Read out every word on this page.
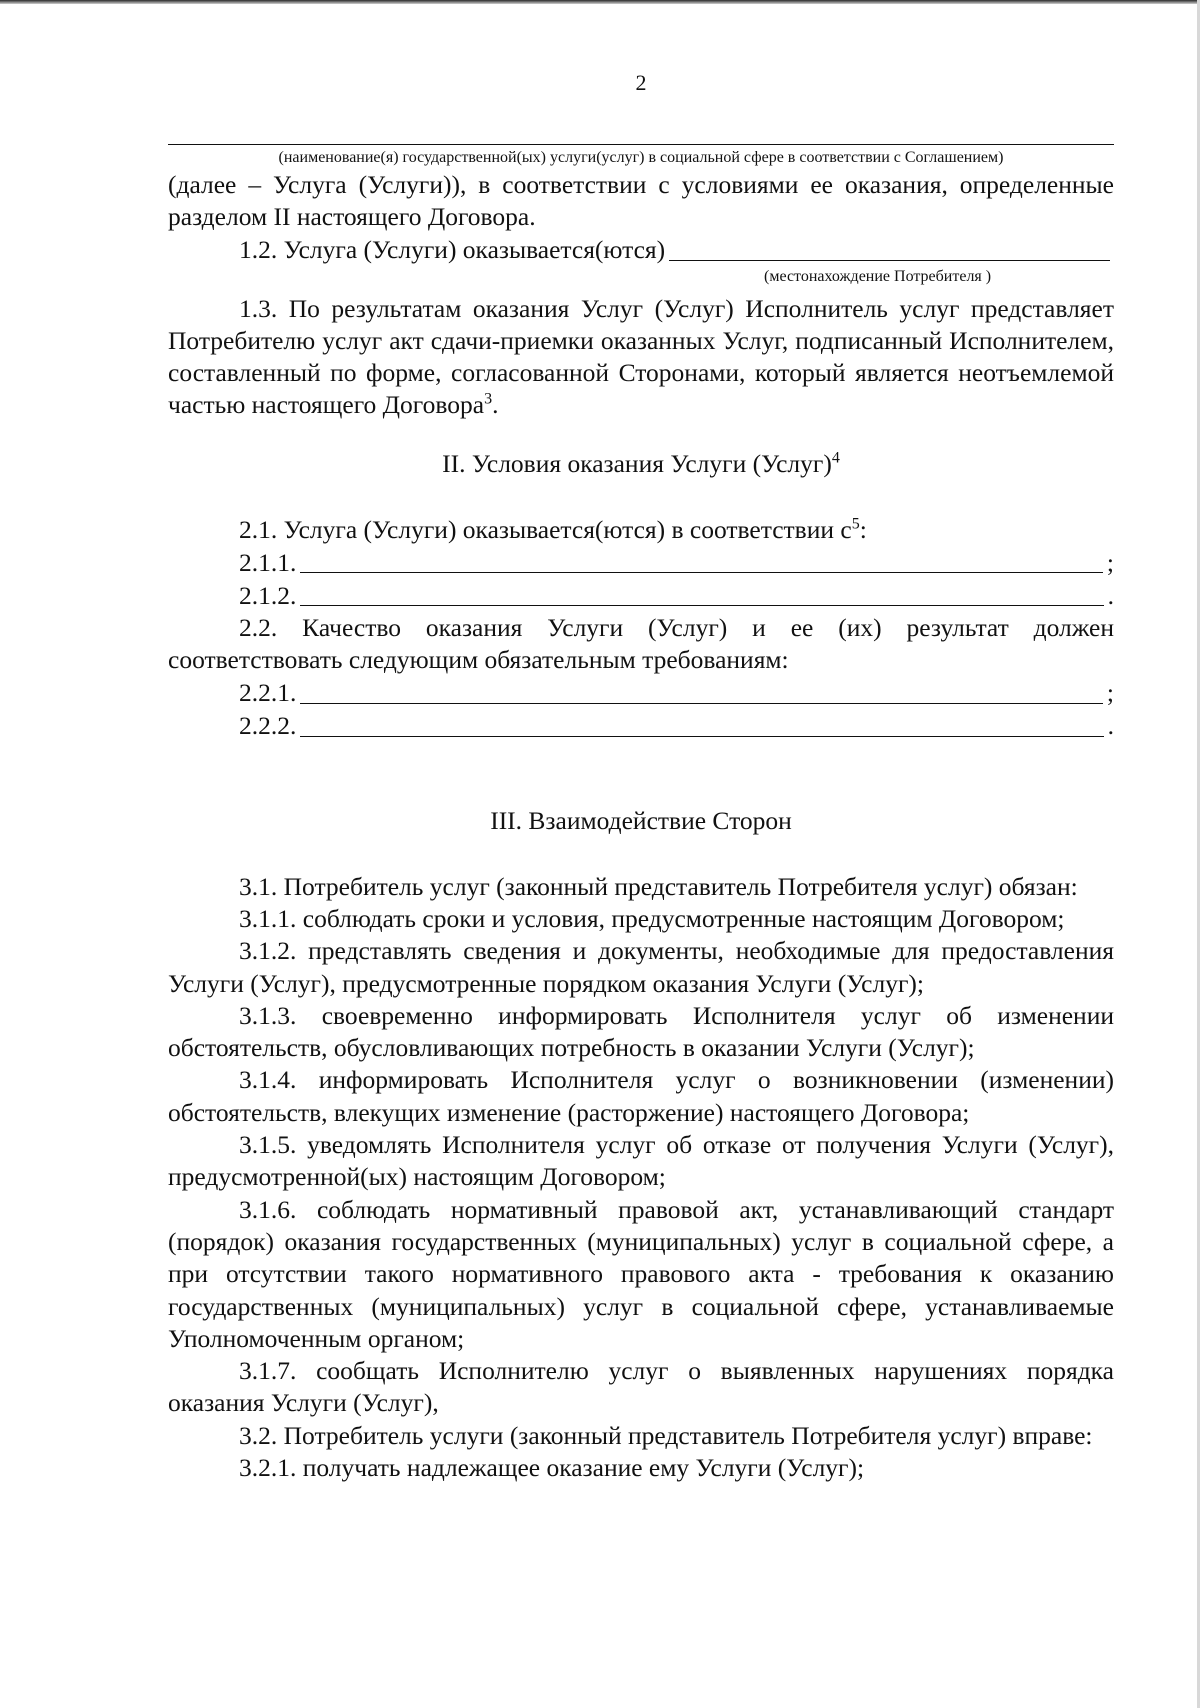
2
(наименование(я) государственной(ых) услуги(услуг) в социальной сфере в соответствии с Соглашением)

(далее – Услуга (Услуги)), в соответствии с условиями ее оказания, определенные разделом II настоящего Договора.

1.2. Услуга (Услуги) оказывается(ются)
(местонахождение Потребителя )

1.3. По результатам оказания Услуг (Услуг) Исполнитель услуг представляет Потребителю услуг акт сдачи-приемки оказанных Услуг, подписанный Исполнителем, составленный по форме, согласованной Сторонами, который является неотъемлемой частью настоящего Договора$^3$.

II. Условия оказания Услуги (Услуг)$^4$

2.1. Услуга (Услуги) оказывается(ются) в соответствии $с^5$:

2.1.1.	;
2.1.2.	.

2.2. Качество оказания Услуги (Услуг) и ее (их) результат должен соответствовать следующим обязательным требованиям:

2.2.1.	;
2.2.2.	.
III. Взаимодействие Сторон

3.1. Потребитель услуг (законный представитель Потребителя услуг) обязан:

3.1.1. соблюдать сроки и условия, предусмотренные настоящим Договором;

3.1.2. представлять сведения и документы, необходимые для предоставления Услуги (Услуг), предусмотренные порядком оказания Услуги (Услуг);

3.1.3. своевременно информировать Исполнителя услуг об изменении обстоятельств, обусловливающих потребность в оказании Услуги (Услуг);

3.1.4. информировать Исполнителя услуг о возникновении (изменении) обстоятельств, влекущих изменение (расторжение) настоящего Договора;

3.1.5. уведомлять Исполнителя услуг об отказе от получения Услуги (Услуг), предусмотренной(ых) настоящим Договором;

3.1.6. соблюдать нормативный правовой акт, устанавливающий стандарт (порядок) оказания государственных (муниципальных) услуг в социальной сфере, а при отсутствии такого нормативного правового акта - требования к оказанию государственных (муниципальных) услуг в социальной сфере, устанавливаемые Уполномоченным органом;

3.1.7. сообщать Исполнителю услуг о выявленных нарушениях порядка оказания Услуги (Услуг),

3.2. Потребитель услуги (законный представитель Потребителя услуг) вправе:

3.2.1. получать надлежащее оказание ему Услуги (Услуг);
